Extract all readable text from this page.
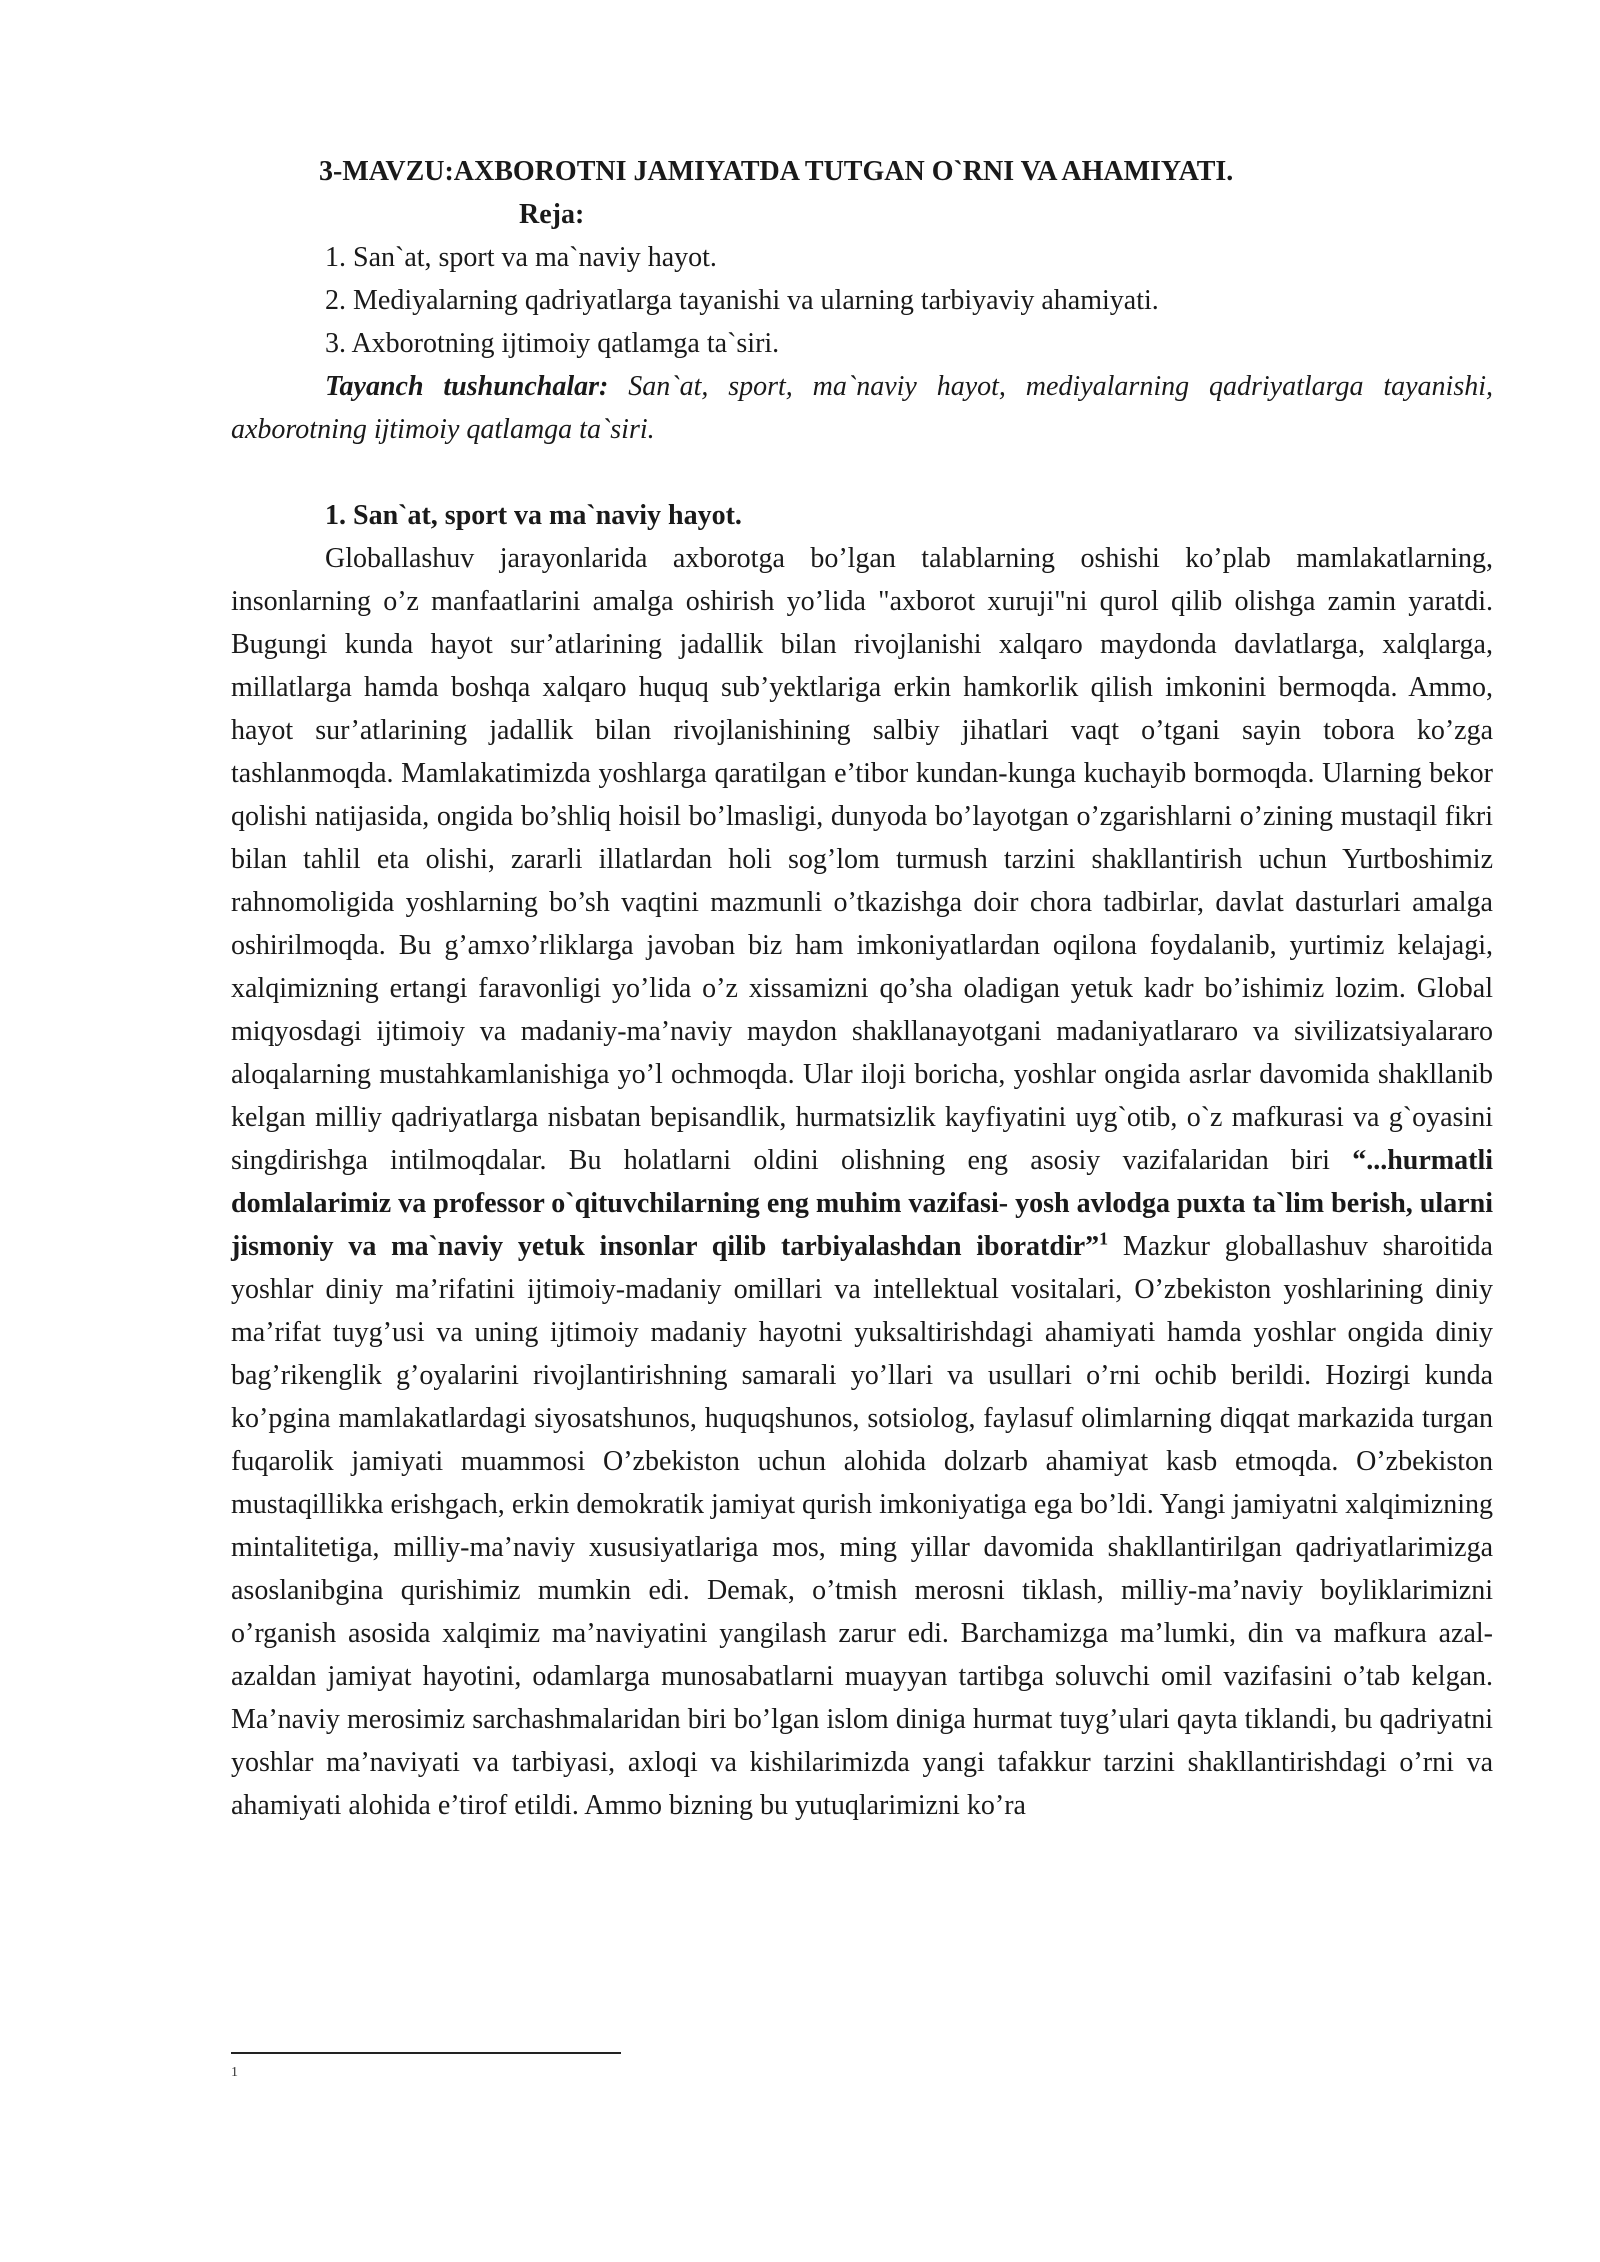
3-MAVZU:AXBOROTNI JAMIYATDA TUTGAN O`RNI VA AHAMIYATI.
Reja:
1. San`at, sport va ma`naviy hayot.
2. Mediyalarning qadriyatlarga tayanishi va ularning tarbiyaviy ahamiyati.
3. Axborotning ijtimoiy qatlamga ta`siri.
Tayanch tushunchalar: San`at, sport, ma`naviy hayot, mediyalarning qadriyatlarga tayanishi, axborotning ijtimoiy qatlamga ta`siri.
1. San`at, sport va ma`naviy hayot.

Globallashuv jarayonlarida axborotga bo’lgan talablarning oshishi ko’plab mamlakatlarning, insonlarning o’z manfaatlarini amalga oshirish yo’lida "axborot xuruji"ni qurol qilib olishga zamin yaratdi. Bugungi kunda hayot sur’atlarining jadallik bilan rivojlanishi xalqaro maydonda davlatlarga, xalqlarga, millatlarga hamda boshqa xalqaro huquq sub’yektlariga erkin hamkorlik qilish imkonini bermoqda. Ammo, hayot sur’atlarining jadallik bilan rivojlanishining salbiy jihatlari vaqt o’tgani sayin tobora ko’zga tashlanmoqda. Mamlakatimizda yoshlarga qaratilgan e’tibor kundan-kunga kuchayib bormoqda. Ularning bekor qolishi natijasida, ongida bo’shliq hoisil bo’lmasligi, dunyoda bo’layotgan o’zgarishlarni o’zining mustaqil fikri bilan tahlil eta olishi, zararli illatlardan holi sog’lom turmush tarzini shakllantirish uchun Yurtboshimiz rahnomoligida yoshlarning bo’sh vaqtini mazmunli o’tkazishga doir chora tadbirlar, davlat dasturlari amalga oshirilmoqda. Bu g’amxo’rliklarga javoban biz ham imkoniyatlardan oqilona foydalanib, yurtimiz kelajagi, xalqimizning ertangi faravonligi yo’lida o’z xissamizni qo’sha oladigan yetuk kadr bo’ishimiz lozim. Global miqyosdagi ijtimoiy va madaniy-ma’naviy maydon shakllanayotgani madaniyatlararo va sivilizatsiyalararo aloqalarning mustahkamlanishiga yo’l ochmoqda. Ular iloji boricha, yoshlar ongida asrlar davomida shakllanib kelgan milliy qadriyatlarga nisbatan bepisandlik, hurmatsizlik kayfiyatini uyg`otib, o`z mafkurasi va g`oyasini singdirishga intilmoqdalar. Bu holatlarni oldini olishning eng asosiy vazifalaridan biri “...hurmatli domlalarimiz va professor o`qituvchilarning eng muhim vazifasi- yosh avlodga puxta ta`lim berish, ularni jismoniy va ma`naviy yetuk insonlar qilib tarbiyalashdan iboratdir”$^1$ Mazkur globallashuv sharoitida yoshlar diniy ma’rifatini ijtimoiy-madaniy omillari va intellektual vositalari, O’zbekiston yoshlarining diniy ma’rifat tuyg’usi va uning ijtimoiy madaniy hayotni yuksaltirishdagi ahamiyati hamda yoshlar ongida diniy bag’rikenglik g’oyalarini rivojlantirishning samarali yo’llari va usullari o’rni ochib berildi. Hozirgi kunda ko’pgina mamlakatlardagi siyosatshunos, huquqshunos, sotsiolog, faylasuf olimlarning diqqat markazida turgan fuqarolik jamiyati muammosi O’zbekiston uchun alohida dolzarb ahamiyat kasb etmoqda. O’zbekiston mustaqillikka erishgach, erkin demokratik jamiyat qurish imkoniyatiga ega bo’ldi. Yangi jamiyatni xalqimizning mintalitetiga, milliy-ma’naviy xususiyatlariga mos, ming yillar davomida shakllantirilgan qadriyatlarimizga asoslanibgina qurishimiz mumkin edi. Demak, o’tmish merosni tiklash, milliy-ma’naviy boyliklarimizni o’rganish asosida xalqimiz ma’naviyatini yangilash zarur edi. Barchamizga ma’lumki, din va mafkura azal-azaldan jamiyat hayotini, odamlarga munosabatlarni muayyan tartibga soluvchi omil vazifasini o’tab kelgan. Ma’naviy merosimiz sarchashmalaridan biri bo’lgan islom diniga hurmat tuyg’ulari qayta tiklandi, bu qadriyatni yoshlar ma’naviyati va tarbiyasi, axloqi va kishilarimizda yangi tafakkur tarzini shakllantirishdagi o’rni va ahamiyati alohida e’tirof etildi. Ammo bizning bu yutuqlarimizni ko’ra

1
